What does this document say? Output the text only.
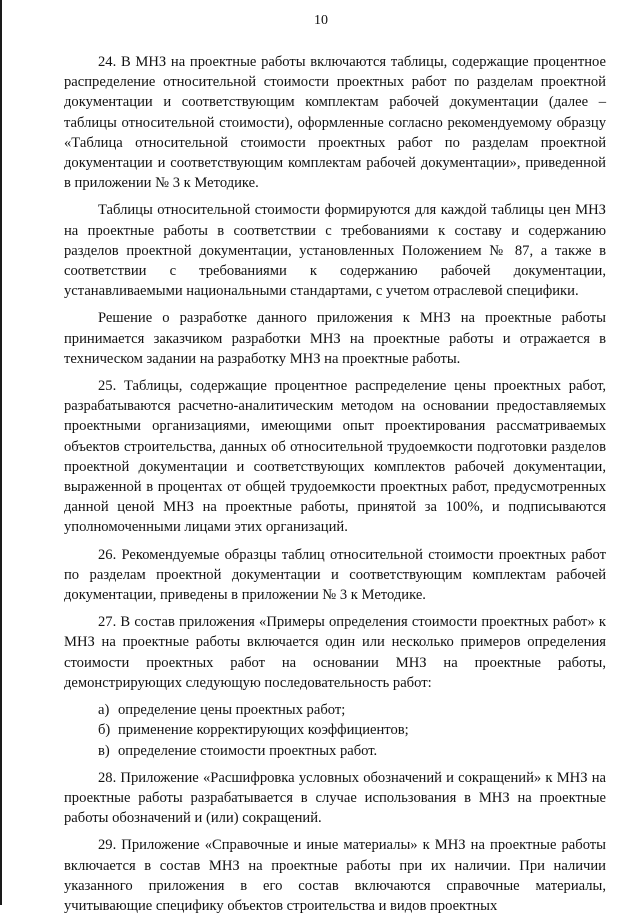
10

24. В МНЗ на проектные работы включаются таблицы, содержащие процентное распределение относительной стоимости проектных работ по разделам проектной документации и соответствующим комплектам рабочей документации (далее – таблицы относительной стоимости), оформленные согласно рекомендуемому образцу «Таблица относительной стоимости проектных работ по разделам проектной документации и соответствующим комплектам рабочей документации», приведенной в приложении № 3 к Методике.

Таблицы относительной стоимости формируются для каждой таблицы цен МНЗ на проектные работы в соответствии с требованиями к составу и содержанию разделов проектной документации, установленных Положением № 87, а также в соответствии с требованиями к содержанию рабочей документации, устанавливаемыми национальными стандартами, с учетом отраслевой специфики.

Решение о разработке данного приложения к МНЗ на проектные работы принимается заказчиком разработки МНЗ на проектные работы и отражается в техническом задании на разработку МНЗ на проектные работы.

25. Таблицы, содержащие процентное распределение цены проектных работ, разрабатываются расчетно-аналитическим методом на основании предоставляемых проектными организациями, имеющими опыт проектирования рассматриваемых объектов строительства, данных об относительной трудоемкости подготовки разделов проектной документации и соответствующих комплектов рабочей документации, выраженной в процентах от общей трудоемкости проектных работ, предусмотренных данной ценой МНЗ на проектные работы, принятой за 100%, и подписываются уполномоченными лицами этих организаций.

26. Рекомендуемые образцы таблиц относительной стоимости проектных работ по разделам проектной документации и соответствующим комплектам рабочей документации, приведены в приложении № 3 к Методике.

27. В состав приложения «Примеры определения стоимости проектных работ» к МНЗ на проектные работы включается один или несколько примеров определения стоимости проектных работ на основании МНЗ на проектные работы, демонстрирующих следующую последовательность работ:

а) определение цены проектных работ;
б) применение корректирующих коэффициентов;
в) определение стоимости проектных работ.

28. Приложение «Расшифровка условных обозначений и сокращений» к МНЗ на проектные работы разрабатывается в случае использования в МНЗ на проектные работы обозначений и (или) сокращений.

29. Приложение «Справочные и иные материалы» к МНЗ на проектные работы включается в состав МНЗ на проектные работы при их наличии. При наличии указанного приложения в его состав включаются справочные материалы, учитывающие специфику объектов строительства и видов проектных
